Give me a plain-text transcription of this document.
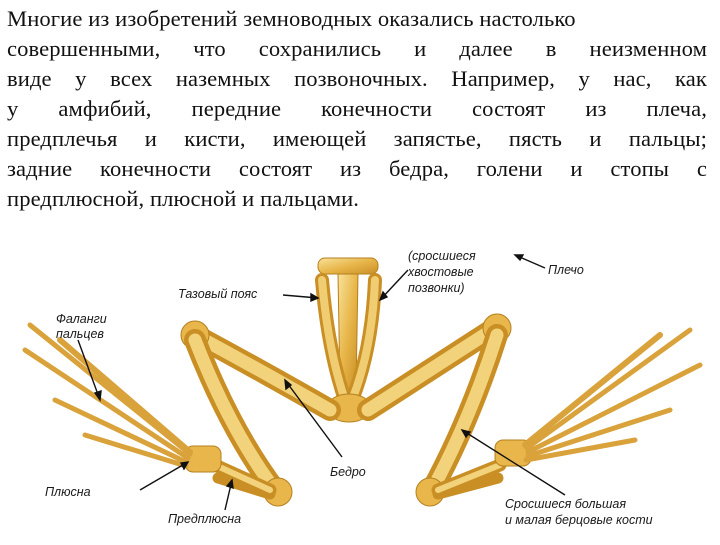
Многие из изобретений земноводных оказались настолько
совершенными, что сохранились и далее в неизменном
виде у всех наземных позвоночных. Например, у нас, как
у амфибий, передние конечности состоят из плеча,
предплечья и кисти, имеющей запястье, пясть и пальцы;
задние конечности состоят из бедра, голени и стопы с
предплюсной, плюсной и пальцами.
(сросшиеся
хвостовые
позвонки)
Плечо
Тазовый пояс
Фаланги
пальцев
Бедро
Плюсна
Предплюсна
Сросшиеся большая
и малая берцовые кости
